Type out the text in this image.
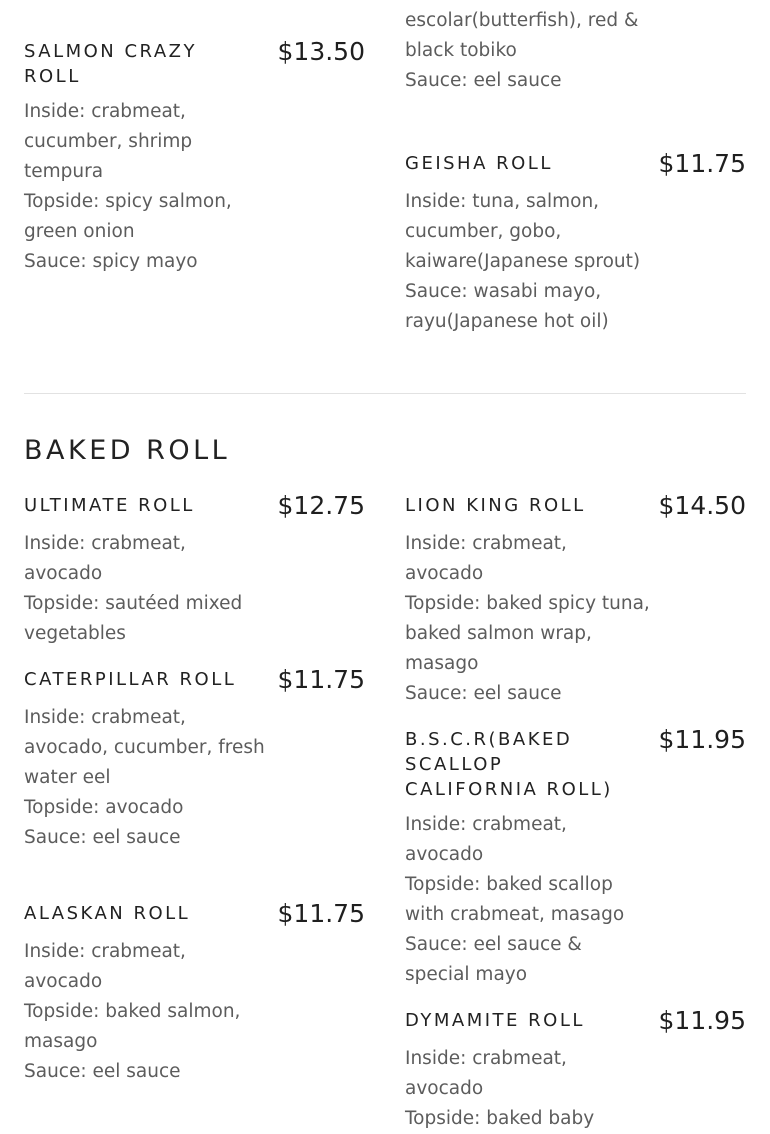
escolar(butterfish), red & black tobiko
Sauce: eel sauce
SALMON CRAZY ROLL
$13.50
Inside: crabmeat, cucumber, shrimp tempura
Topside: spicy salmon, green onion
Sauce: spicy mayo
GEISHA ROLL	$11.75
Inside: tuna, salmon, cucumber, gobo, kaiware(Japanese sprout)
Sauce: wasabi mayo, rayu(Japanese hot oil)
BAKED ROLL
ULTIMATE ROLL	$12.75
Inside: crabmeat, avocado
Topside: sautéed mixed vegetables
CATERPILLAR ROLL	$11.75
Inside: crabmeat, avocado, cucumber, fresh water eel
Topside: avocado
Sauce: eel sauce
ALASKAN ROLL	$11.75
Inside: crabmeat, avocado
Topside: baked salmon, masago
Sauce: eel sauce
LION KING ROLL	$14.50
Inside: crabmeat, avocado
Topside: baked spicy tuna, baked salmon wrap, masago
Sauce: eel sauce
B.S.C.R(BAKED SCALLOP CALIFORNIA ROLL)
$11.95
Inside: crabmeat, avocado
Topside: baked scallop with crabmeat, masago
Sauce: eel sauce & special mayo
DYMAMITE ROLL	$11.95
Inside: crabmeat, avocado
Topside: baked baby
